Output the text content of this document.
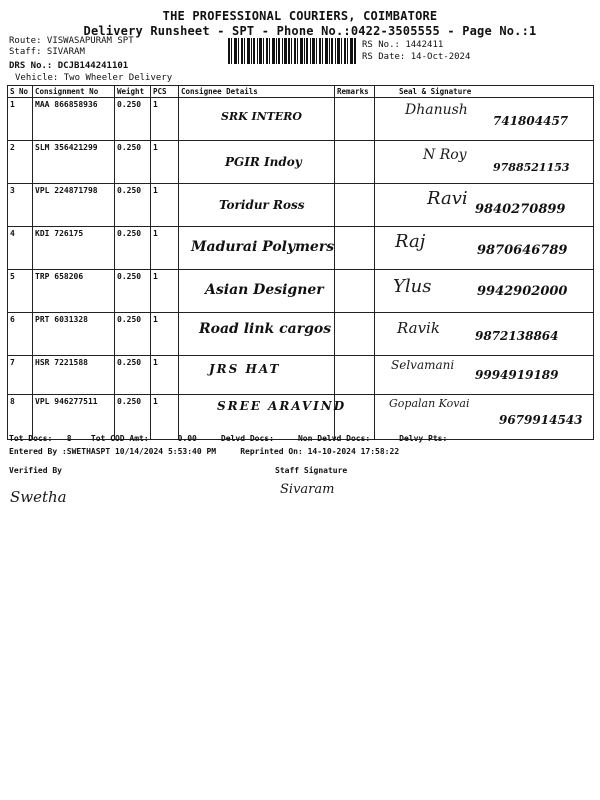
THE PROFESSIONAL COURIERS, COIMBATORE
Delivery Runsheet - SPT - Phone No.:0422-3505555 - Page No.:1
Route: VISWASAPURAM SPT
Staff: SIVARAM
DRS No.: DCJB144241101
Vehicle: Two Wheeler Delivery
RS No.: 1442411
RS Date: 14-Oct-2024
S No	Consignment No	Weight	PCS	Consignee Details	Remarks	Seal & Signature
1	MAA 866858936	0.250	1	SRK INTERO		Dhanush
741804457

2	SLM 356421299	0.250	1	PGIR Indoy		N Roy
9788521153

3	VPL 224871798	0.250	1	Toridur Ross		Ravi
9840270899

4	KDI 726175	0.250	1	Madurai Polymers		Raj 9870646789

5	TRP 658206	0.250	1	Asian Designer		Ylus 9942902000

6	PRT 6031328	0.250	1	Road link cargos		Ravik 9872138864

7	HSR 7221588	0.250	1	JRS HAT		Selvamani
9994919189

8	VPL 946277511	0.250	1	SREE ARAVIND		Gopalan Kovai
9679914543
Tot Docs:   8    Tot COD Amt:      0.00     Delvd Docs:     Non Delvd Docs:      Delvy Pts:
Entered By :SWETHASPT 10/14/2024 5:53:40 PM     Reprinted On: 14-10-2024 17:58:22
Verified By	Staff Signature
Swetha	Sivaram
